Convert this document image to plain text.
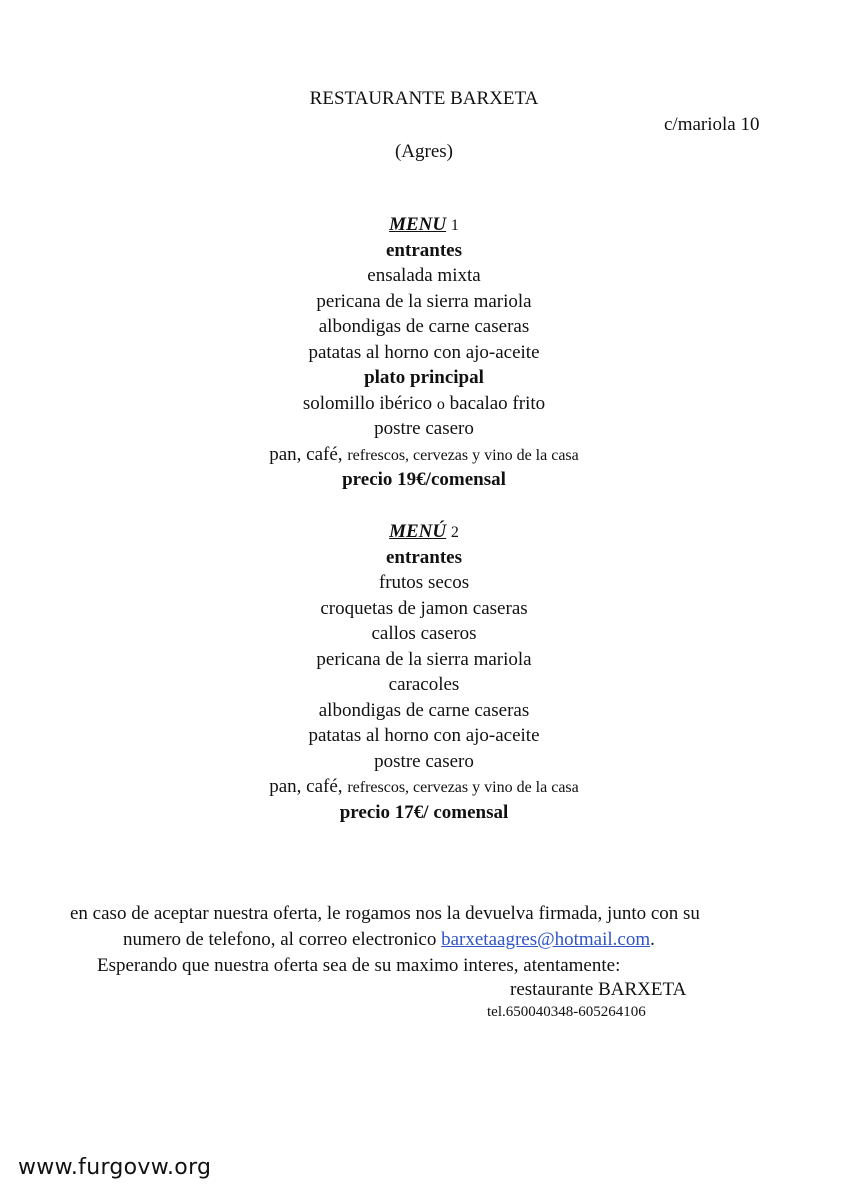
RESTAURANTE BARXETA
c/mariola 10
(Agres)
MENU 1
entrantes
ensalada mixta
pericana de la sierra mariola
albondigas de carne caseras
patatas al horno con ajo-aceite
plato principal
solomillo ibérico o bacalao frito
postre casero
pan, café, refrescos, cervezas y vino de la casa
precio 19€/comensal
MENÚ 2
entrantes
frutos secos
croquetas de jamon caseras
callos caseros
pericana de la sierra mariola
caracoles
albondigas de carne caseras
patatas al horno con ajo-aceite
postre casero
pan, café, refrescos, cervezas y vino de la casa
precio 17€/ comensal
en caso de aceptar nuestra oferta, le rogamos nos la devuelva firmada, junto con su
numero de telefono, al correo electronico barxetaagres@hotmail.com.
Esperando que nuestra oferta sea de su maximo interes, atentamente:
restaurante BARXETA
tel.650040348-605264106
www.furgovw.org
